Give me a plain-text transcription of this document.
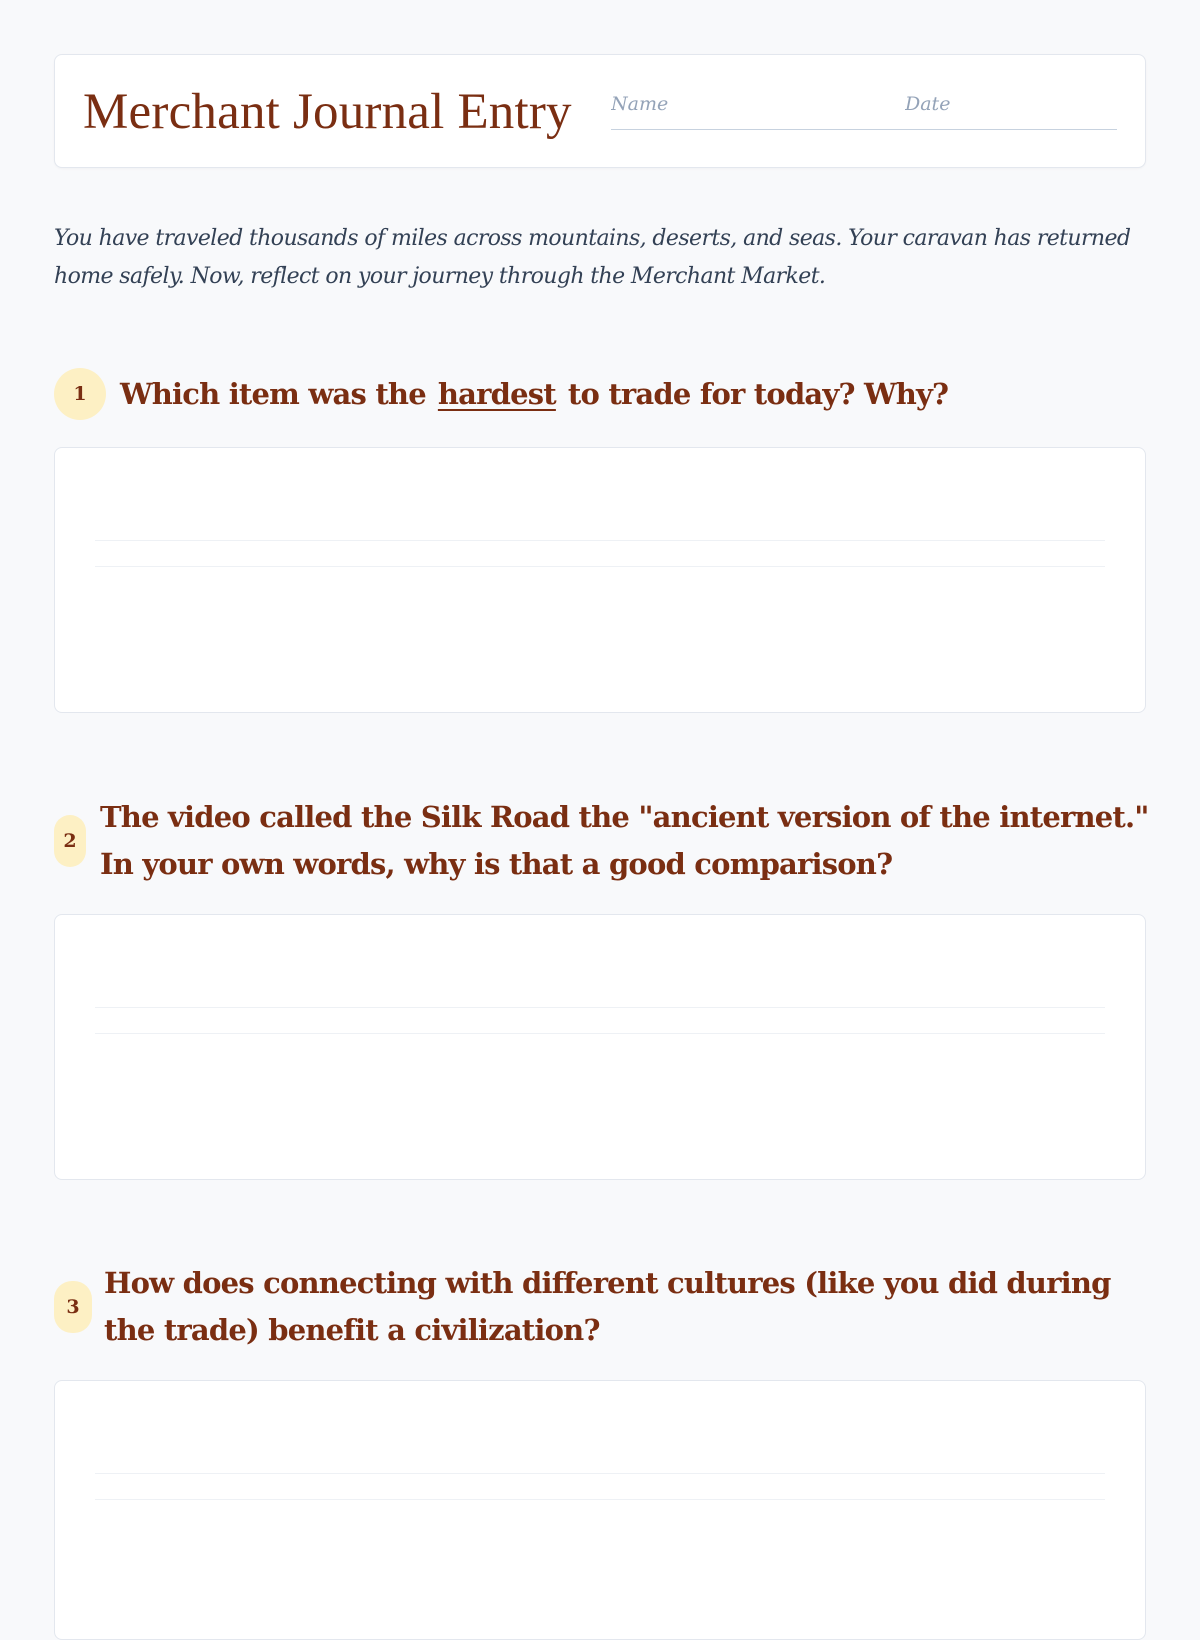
Merchant Journal Entry
Name
Date

You have traveled thousands of miles across mountains, deserts, and seas. Your caravan has returned home safely. Now, reflect on your journey through the Merchant Market.

1	Which item was the hardest to trade for today? Why?
2
The video called the Silk Road the "ancient version of the internet." In your own words, why is that a good comparison?
3
How does connecting with different cultures (like you did during the trade) benefit a civilization?
